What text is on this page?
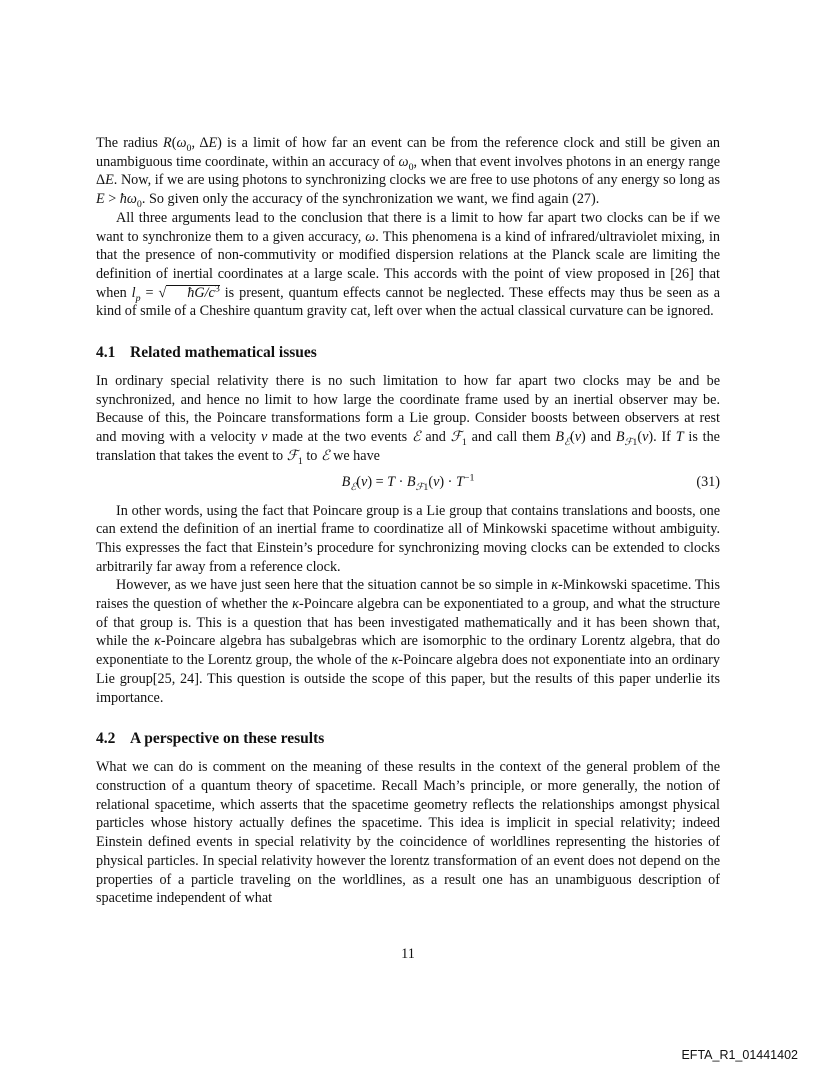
The radius $R(\omega_0$, ΔE) is a limit of how far an event can be from the reference clock and still be given an unambiguous time coordinate, within an accuracy of $\omega_0$, when that event involves photons in an energy range ΔE. Now, if we are using photons to synchronizing clocks we are free to use photons of any energy so long as $E > ħ\omega_0$. So given only the accuracy of the synchronization we want, we find again (27).

All three arguments lead to the conclusion that there is a limit to how far apart two clocks can be if we want to synchronize them to a given accuracy, ω. This phenomena is a kind of infrared/ultraviolet mixing, in that the presence of non-commutivity or modified dispersion relations at the Planck scale are limiting the definition of inertial coordinates at a large scale. This accords with the point of view proposed in [26] that when $l_p$ = √ $ħG/c^3$ is present, quantum effects cannot be neglected. These effects may thus be seen as a kind of smile of a Cheshire quantum gravity cat, left over when the actual classical curvature can be ignored.

4.1 Related mathematical issues

In ordinary special relativity there is no such limitation to how far apart two clocks may be and be synchronized, and hence no limit to how large the coordinate frame used by an inertial observer may be. Because of this, the Poincare transformations form a Lie group. Consider boosts between observers at rest and moving with a velocity v made at the two events ℰ and ℱ$_1$ and call them $B_ℰ(v)$ and $B_{ℱ1}(v)$. If T is the translation that takes the event to ℱ$_1$ to ℰ we have

$B_ℰ(v) = T \cdot B_{ℱ1}(v) \cdot T^{-1}$	(31)

In other words, using the fact that Poincare group is a Lie group that contains translations and boosts, one can extend the definition of an inertial frame to coordinatize all of Minkowski spacetime without ambiguity. This expresses the fact that Einstein’s procedure for synchronizing moving clocks can be extended to clocks arbitrarily far away from a reference clock.

However, as we have just seen here that the situation cannot be so simple in κ-Minkowski spacetime. This raises the question of whether the κ-Poincare algebra can be exponentiated to a group, and what the structure of that group is. This is a question that has been investigated mathematically and it has been shown that, while the κ-Poincare algebra has subalgebras which are isomorphic to the ordinary Lorentz algebra, that do exponentiate to the Lorentz group, the whole of the κ-Poincare algebra does not exponentiate into an ordinary Lie group[25, 24]. This question is outside the scope of this paper, but the results of this paper underlie its importance.

4.2 A perspective on these results

What we can do is comment on the meaning of these results in the context of the general problem of the construction of a quantum theory of spacetime. Recall Mach’s principle, or more generally, the notion of relational spacetime, which asserts that the spacetime geometry reflects the relationships amongst physical particles whose history actually defines the spacetime. This idea is implicit in special relativity; indeed Einstein defined events in special relativity by the coincidence of worldlines representing the histories of physical particles. In special relativity however the lorentz transformation of an event does not depend on the properties of a particle traveling on the worldlines, as a result one has an unambiguous description of spacetime independent of what

11
EFTA_R1_01441402
